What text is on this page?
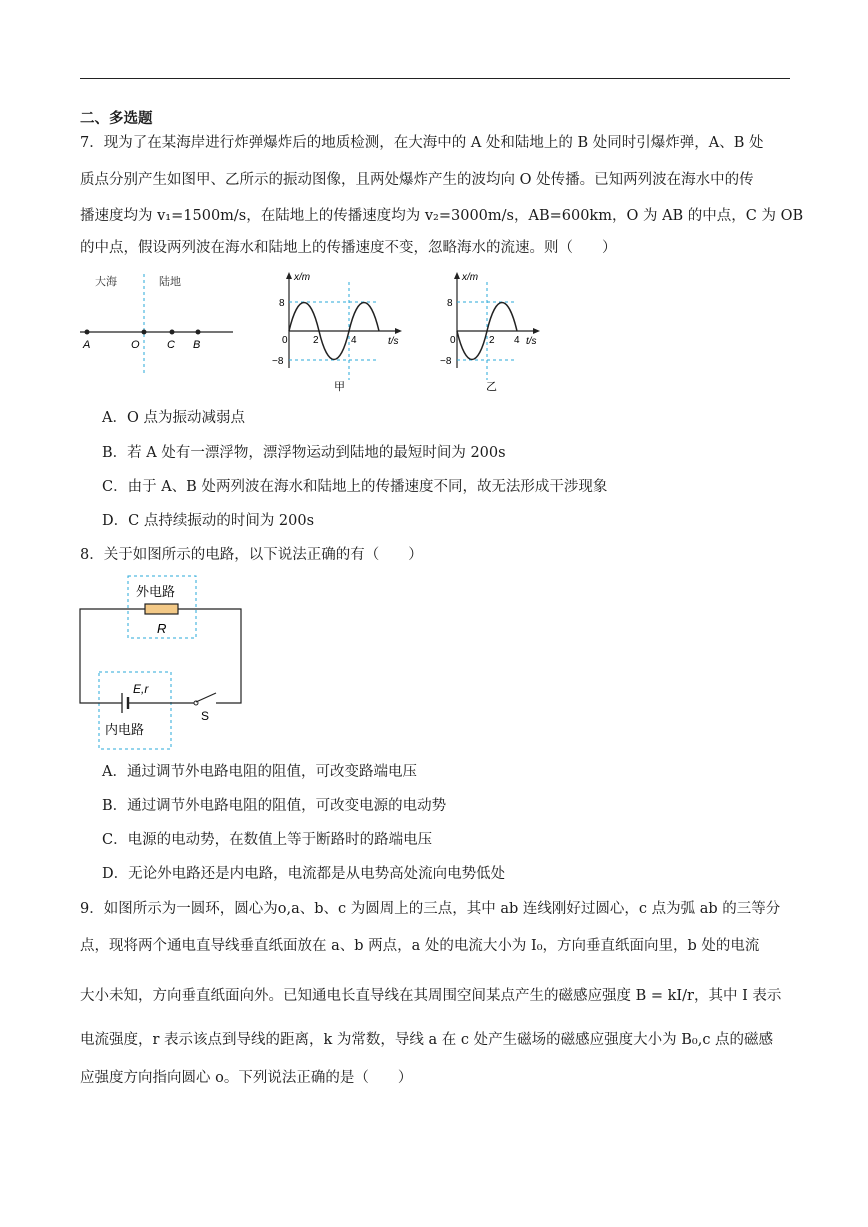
二、多选题
7．现为了在某海岸进行炸弹爆炸后的地质检测，在大海中的 A 处和陆地上的 B 处同时引爆炸弹，A、B 处
质点分别产生如图甲、乙所示的振动图像，且两处爆炸产生的波均向 O 处传播。已知两列波在海水中的传
播速度均为 v₁=1500m/s，在陆地上的传播速度均为 v₂=3000m/s，AB=600km，O 为 AB 的中点，C 为 OB
的中点，假设两列波在海水和陆地上的传播速度不变，忽略海水的流速。则（　　）
大海	陆地
A	O C B
x/m
t/s
8
−8
0	2	4
甲
x/m
t/s
8
−8
0	2 4
乙
A．O 点为振动减弱点
B．若 A 处有一漂浮物，漂浮物运动到陆地的最短时间为 200s
C．由于 A、B 处两列波在海水和陆地上的传播速度不同，故无法形成干涉现象
D．C 点持续振动的时间为 200s
8．关于如图所示的电路，以下说法正确的有（　　）
外电路
R
内电路
E,r
S
A．通过调节外电路电阻的阻值，可改变路端电压
B．通过调节外电路电阻的阻值，可改变电源的电动势
C．电源的电动势，在数值上等于断路时的路端电压
D．无论外电路还是内电路，电流都是从电势高处流向电势低处
9．如图所示为一圆环，圆心为o,a、b、c 为圆周上的三点，其中 ab 连线刚好过圆心，c 点为弧 ab 的三等分
点，现将两个通电直导线垂直纸面放在 a、b 两点，a 处的电流大小为 I₀，方向垂直纸面向里，b 处的电流
大小未知，方向垂直纸面向外。已知通电长直导线在其周围空间某点产生的磁感应强度 B = kI/r，其中 I 表示
电流强度，r 表示该点到导线的距离，k 为常数，导线 a 在 c 处产生磁场的磁感应强度大小为 B₀,c 点的磁感
应强度方向指向圆心 o。下列说法正确的是（　　）
